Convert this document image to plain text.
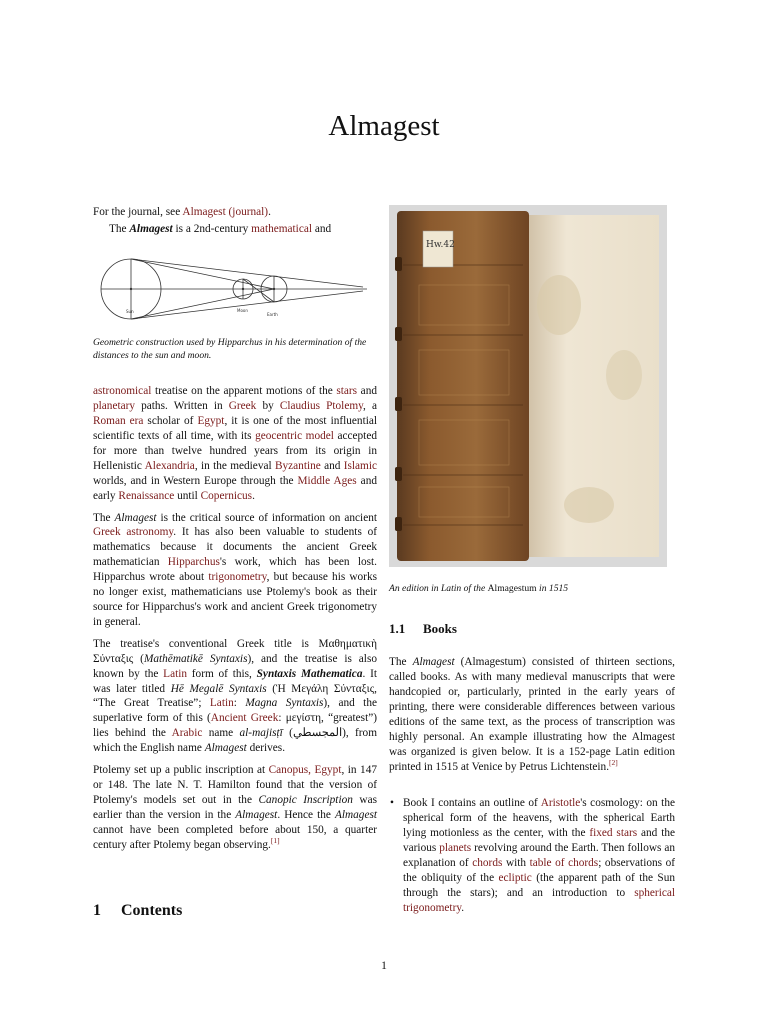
Almagest

For the journal, see Almagest (journal).

The Almagest is a 2nd-century mathematical and

Sun	Moon
Earth
Geometric construction used by Hipparchus in his determination of the distances to the sun and moon.

astronomical treatise on the apparent motions of the stars and planetary paths. Written in Greek by Claudius Ptolemy, a Roman era scholar of Egypt, it is one of the most influential scientific texts of all time, with its geocentric model accepted for more than twelve hundred years from its origin in Hellenistic Alexandria, in the medieval Byzantine and Islamic worlds, and in Western Europe through the Middle Ages and early Renaissance until Copernicus.

The Almagest is the critical source of information on ancient Greek astronomy. It has also been valuable to students of mathematics because it documents the ancient Greek mathematician Hipparchus's work, which has been lost. Hipparchus wrote about trigonometry, but because his works no longer exist, mathematicians use Ptolemy's book as their source for Hipparchus's work and ancient Greek trigonometry in general.

The treatise's conventional Greek title is Μαθηματικὴ Σύνταξις (Mathēmatikē Syntaxis), and the treatise is also known by the Latin form of this, Syntaxis Mathematica. It was later titled Hē Megalē Syntaxis (Ἡ Μεγάλη Σύνταξις, “The Great Treatise”; Latin: Magna Syntaxis), and the superlative form of this (Ancient Greek: μεγίστη, “greatest”) lies behind the Arabic name al-majisṭī (المجسطي), from which the English name Almagest derives.

Ptolemy set up a public inscription at Canopus, Egypt, in 147 or 148. The late N. T. Hamilton found that the version of Ptolemy's models set out in the Canopic Inscription was earlier than the version in the Almagest. Hence the Almagest cannot have been completed before about 150, a quarter century after Ptolemy began observing.[1]

1 Contents
Hw.42
An edition in Latin of the Almagestum in 1515
1.1 Books

The Almagest (Almagestum) consisted of thirteen sections, called books. As with many medieval manuscripts that were handcopied or, particularly, printed in the early years of printing, there were considerable differences between various editions of the same text, as the process of transcription was highly personal. An example illustrating how the Almagest was organized is given below. It is a 152-page Latin edition printed in 1515 at Venice by Petrus Lichtenstein.[2]

• Book I contains an outline of Aristotle's cosmology: on the spherical form of the heavens, with the spherical Earth lying motionless as the center, with the fixed stars and the various planets revolving around the Earth. Then follows an explanation of chords with table of chords; observations of the obliquity of the ecliptic (the apparent path of the Sun through the stars); and an introduction to spherical trigonometry.
1
